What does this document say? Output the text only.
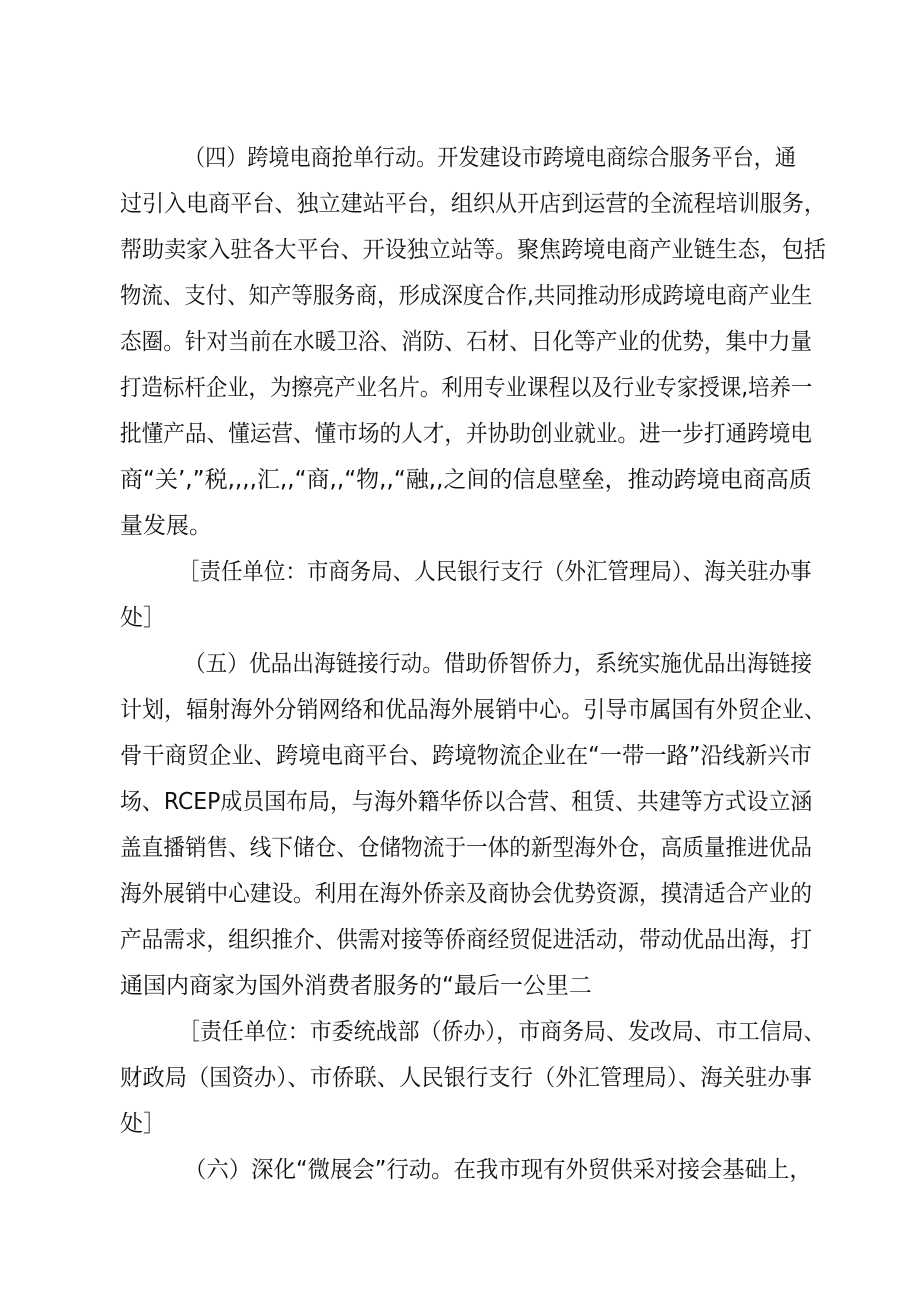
（四）跨境电商抢单行动。开发建设市跨境电商综合服务平台，通
过引入电商平台、独立建站平台，组织从开店到运营的全流程培训服务，
帮助卖家入驻各大平台、开设独立站等。聚焦跨境电商产业链生态，包括
物流、支付、知产等服务商，形成深度合作,共同推动形成跨境电商产业生
态圈。针对当前在水暖卫浴、消防、石材、日化等产业的优势，集中力量
打造标杆企业，为擦亮产业名片。利用专业课程以及行业专家授课,培养一
批懂产品、懂运营、懂市场的人才，并协助创业就业。进一步打通跨境电
商“关’,”税,,,,汇,,“商,,“物,,“融,,之间的信息壁垒，推动跨境电商高质
量发展。
［责任单位：市商务局、人民银行支行（外汇管理局）、海关驻办事
处］
（五）优品出海链接行动。借助侨智侨力，系统实施优品出海链接
计划，辐射海外分销网络和优品海外展销中心。引导市属国有外贸企业、
骨干商贸企业、跨境电商平台、跨境物流企业在“一带一路”沿线新兴市
场、RCEP成员国布局，与海外籍华侨以合营、租赁、共建等方式设立涵
盖直播销售、线下储仓、仓储物流于一体的新型海外仓，高质量推进优品
海外展销中心建设。利用在海外侨亲及商协会优势资源，摸清适合产业的
产品需求，组织推介、供需对接等侨商经贸促进活动，带动优品出海，打
通国内商家为国外消费者服务的“最后一公里二
［责任单位：市委统战部（侨办），市商务局、发改局、市工信局、
财政局（国资办）、市侨联、人民银行支行（外汇管理局）、海关驻办事
处］
（六）深化“微展会”行动。在我市现有外贸供采对接会基础上，
